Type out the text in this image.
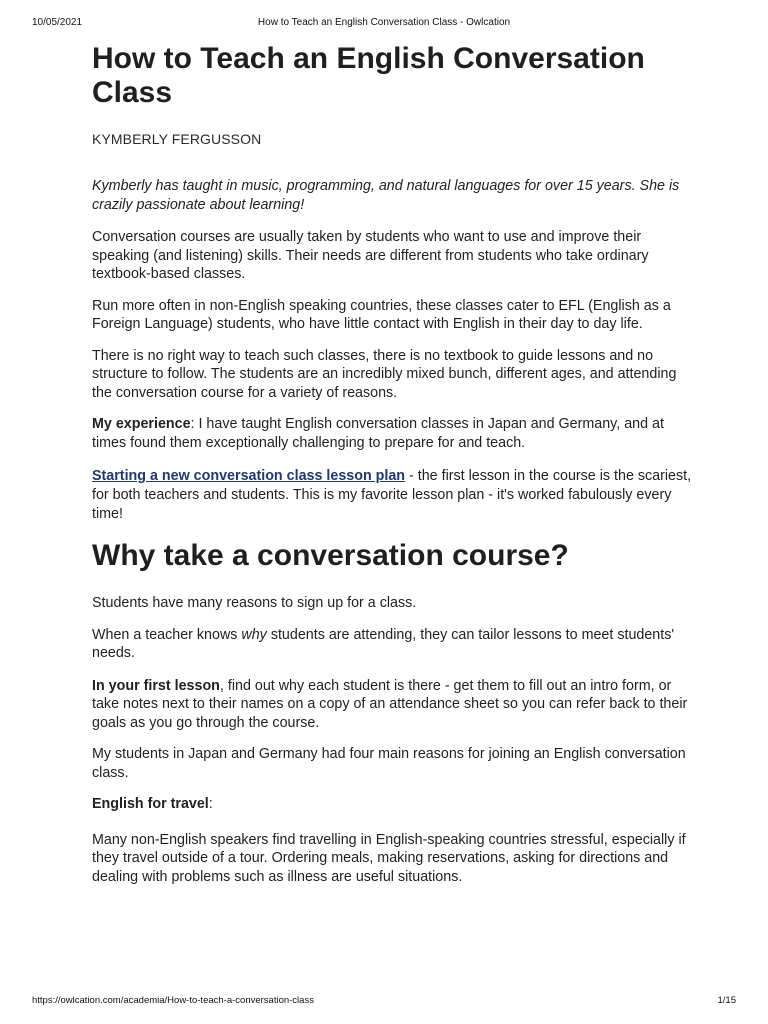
10/05/2021	How to Teach an English Conversation Class - Owlcation
How to Teach an English Conversation Class
KYMBERLY FERGUSSON

Kymberly has taught in music, programming, and natural languages for over 15 years. She is crazily passionate about learning!

Conversation courses are usually taken by students who want to use and improve their speaking (and listening) skills. Their needs are different from students who take ordinary textbook-based classes.

Run more often in non-English speaking countries, these classes cater to EFL (English as a Foreign Language) students, who have little contact with English in their day to day life.

There is no right way to teach such classes, there is no textbook to guide lessons and no structure to follow. The students are an incredibly mixed bunch, different ages, and attending the conversation course for a variety of reasons.

My experience: I have taught English conversation classes in Japan and Germany, and at times found them exceptionally challenging to prepare for and teach.

Starting a new conversation class lesson plan - the first lesson in the course is the scariest, for both teachers and students. This is my favorite lesson plan - it's worked fabulously every time!

Why take a conversation course?

Students have many reasons to sign up for a class.

When a teacher knows why students are attending, they can tailor lessons to meet students' needs.

In your first lesson, find out why each student is there - get them to fill out an intro form, or take notes next to their names on a copy of an attendance sheet so you can refer back to their goals as you go through the course.

My students in Japan and Germany had four main reasons for joining an English conversation class.

English for travel:

Many non-English speakers find travelling in English-speaking countries stressful, especially if they travel outside of a tour. Ordering meals, making reservations, asking for directions and dealing with problems such as illness are useful situations.

https://owlcation.com/academia/How-to-teach-a-conversation-class	1/15
